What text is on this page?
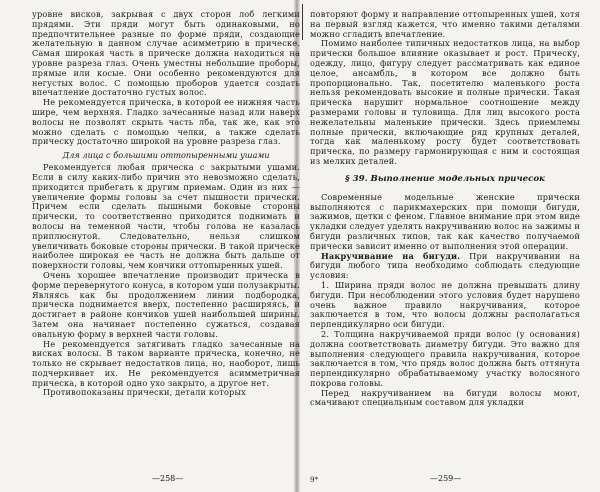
уровне висков, закрывая с двух сторон лоб легкими прядями. Эти пряди могут быть одинаковыми, но предпочтительнее разные по форме пряди, создающие желательную в данном случае асимметрию в прическе. Самая широкая часть в прическе должна находиться на уровне разреза глаз. Очень уместны небольшие проборы, прямые или косые. Они особенно рекомендуются для негустых волос. С помощью проборов удается создать впечатление достаточно густых волос.

Не рекомендуется прическа, в которой ее нижняя часть шире, чем верхняя. Гладко зачесанные назад или наверх волосы не позволят скрыть часть лба, так же, как это можно сделать с помощью челки, а также сделать прическу достаточно широкой на уровне разреза глаз.

Для лица с большими оттопыренными ушами

Рекомендуется любая прическа с закрытыми ушами. Если в силу каких-либо причин это невозможно сделать, приходится прибегать к другим приемам. Один из них — увеличение формы головы за счет пышности прически. Причем если сделать пышными боковые стороны прически, то соответственно приходится поднимать и волосы на теменной части, чтобы голова не казалась приплюснутой. Следовательно, нельзя слишком увеличивать боковые стороны прически. В такой прическе наиболее широкая ее часть не должна быть дальше от поверхности головы, чем кончики оттопыренных ушей.

Очень хорошее впечатление производит прическа в форме перевернутого конуса, в котором уши полузакрыты. Являясь как бы продолжением линии подбородка, прическа поднимается вверх, постепенно расширяясь, и достигает в районе кончиков ушей наибольшей ширины. Затем она начинает постепенно сужаться, создавая овальную форму в верхней части головы.

Не рекомендуется затягивать гладко зачесанные на висках волосы. В таком варианте прическа, конечно, не только не скрывает недостатков лица, но, наоборот, лишь подчеркивает их. Не рекомендуется асимметричная прическа, в которой одно ухо закрыто, а другое нет.

Противопоказаны прически, детали которых

—258—

повторяют форму и направление оттопыренных ушей, хотя на первый взгляд кажется, что именно такими деталями можно сгладить впечатление.

Помимо наиболее типичных недостатков лица, на выбор прически большое влияние оказывает и рост. Прическу, одежду, лицо, фигуру следует рассматривать как единое целое, ансамбль, в котором все должно быть пропорционально. Так, посетителю маленького роста нельзя рекомендовать высокие и полные прически. Такая прическа нарушит нормальное соотношение между размерами головы и туловища. Для лиц высокого роста нежелательны маленькие прически. Здесь приемлемы полные прически, включающие ряд крупных деталей, тогда как маленькому росту будет соответствовать прическа, по размеру гармонирующая с ним и состоящая из мелких деталей.

§ 39. Выполнение модельных причесок

Современные модельные женские прически выполняются с парикмахерских при помощи бигуди, зажимов, щетки с феном. Главное внимание при этом виде укладки следует уделять накручиванию волос на зажимы и бигуди различных типов, так как качество получаемой прически зависит именно от выполнения этой операции.

Накручивание на бигуди. При накручивании на бигуди любого типа необходимо соблюдать следующие условия:

1. Ширина пряди волос не должна превышать длину бигуди. При несоблюдении этого условия будет нарушено очень важное правило накручивания, которое заключается в том, что волосы должны располагаться перпендикулярно оси бигуди.

2. Толщина накручиваемой пряди волос (у основания) должна соответствовать диаметру бигуди. Это важно для выполнения следующего правила накручивания, которое заключается в том, что прядь волос должна быть оттянута перпендикулярно обрабатываемому участку волосяного покрова головы.

Перед накручиванием на бигуди волосы моют, смачивают специальным составом для укладки

9*	—259—
